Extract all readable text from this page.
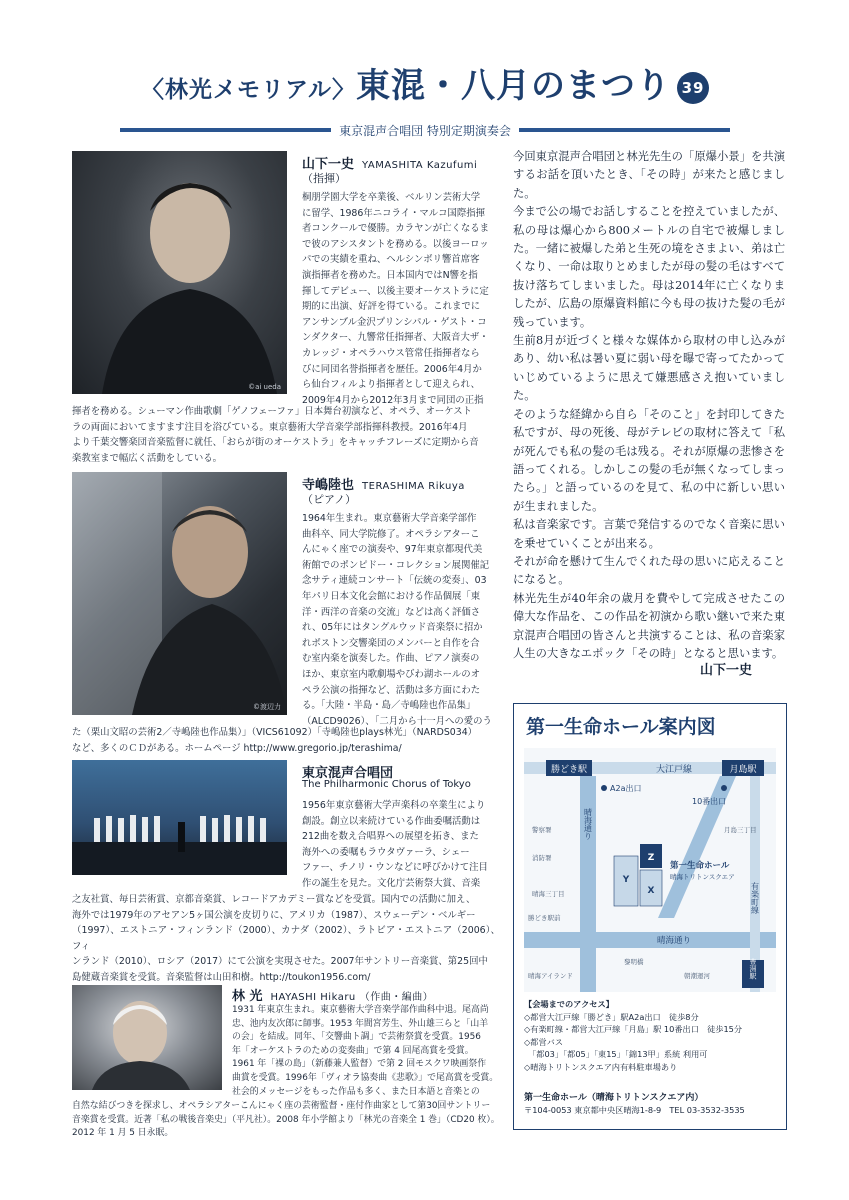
〈林光メモリアル〉東混・八月のまつり 39
東京混声合唱団 特別定期演奏会
©ai ueda
山下一史 YAMASHITA Kazufumi
（指揮）
桐朋学園大学を卒業後、ベルリン芸術大学
に留学、1986年ニコライ・マルコ国際指揮
者コンクールで優勝。カラヤンが亡くなるま
で彼のアシスタントを務める。以後ヨーロッ
パでの実績を重ね、ヘルシンボリ響首席客
演指揮者を務めた。日本国内ではN響を指
揮してデビュー、以後主要オーケストラに定
期的に出演、好評を得ている。これまでに
アンサンブル金沢プリンシパル・ゲスト・コ
ンダクター、九響常任指揮者、大阪音大ザ・
カレッジ・オペラハウス管常任指揮者なら
びに同団名誉指揮者を歴任。2006年4月か
ら仙台フィルより指揮者として迎えられ、
2009年4月から2012年3月まで同団の正指
揮者を務める。シューマン作曲歌劇「ゲノフェーファ」日本舞台初演など、オペラ、オーケスト
ラの両面においてますます注目を浴びている。東京藝術大学音楽学部指揮科教授。2016年4月
より千葉交響楽団音楽監督に就任、「おらが街のオーケストラ」をキャッチフレーズに定期から音
楽教室まで幅広く活動をしている。
©渡辺力
寺嶋陸也 TERASHIMA Rikuya
（ピアノ）
1964年生まれ。東京藝術大学音楽学部作
曲科卒、同大学院修了。オペラシアターこ
んにゃく座での演奏や、97年東京都現代美
術館でのポンピドー・コレクション展関催記
念サティ連続コンサート「伝統の変奏」、03
年パリ日本文化会館における作品個展「東
洋・西洋の音楽の交流」などは高く評価さ
れ、05年にはタングルウッド音楽祭に招か
れボストン交響楽団のメンバーと自作を合
む室内楽を演奏した。作曲、ピアノ演奏の
ほか、東京室内歌劇場やびわ湖ホールのオ
ペラ公演の指揮など、活動は多方面にわた
る。「大陸・半島・島／寺嶋陸也作品集」
（ALCD9026）、「二月から十一月への愛のう
た（栗山文昭の芸術2／寺嶋陸也作品集）」（VICS61092）「寺嶋陸也plays林光」（NARDS034）
など、多くのＣＤがある。ホームページ http://www.gregorio.jp/terashima/
東京混声合唱団
The Philharmonic Chorus of Tokyo
1956年東京藝術大学声楽科の卒業生により
創設。創立以来続けている作曲委嘱活動は
212曲を数え合唱界への展望を拓き、また
海外への委嘱もラウタヴァーラ、シェー
ファー、チノリ・ウンなどに呼びかけて注目
作の誕生を見た。文化庁芸術祭大賞、音楽
之友社賞、毎日芸術賞、京都音楽賞、レコードアカデミー賞などを受賞。国内での活動に加え、
海外では1979年のアセアン5ヶ国公演を皮切りに、アメリカ（1987）、スウェーデン・ベルギー
（1997）、エストニア・フィンランド（2000）、カナダ（2002）、ラトビア・エストニア（2006）、フィ
ンランド（2010）、ロシア（2017）にて公演を実現させた。2007年サントリー音楽賞、第25回中
島健蔵音楽賞を受賞。音楽監督は山田和樹。http://toukon1956.com/
林 光 HAYASHI Hikaru （作曲・編曲）
1931 年東京生まれ。東京藝術大学音楽学部作曲科中退。尾高尚
忠、池内友次郎に師事。1953 年間宮芳生、外山雄三らと「山羊
の会」を結成。同年、「交響曲ト調」で芸術祭賞を受賞。1956
年「オーケストラのための変奏曲」で第 4 回尾高賞を受賞。
1961 年「裸の島」（新藤兼人監督）で第 2 回モスクワ映画祭作
曲賞を受賞。1996年「ヴィオラ協奏曲《悲歌》」で尾高賞を受賞。
社会的メッセージをもった作品も多く、また日本語と音楽との
自然な結びつきを探求し、オペラシアターこんにゃく座の芸術監督・座付作曲家として第30回サントリー
音楽賞を受賞。近著「私の戦後音楽史」（平凡社）。2008 年小学館より「林光の音楽全 1 巻」（CD20 枚）。
2012 年 1 月 5 日永眠。

今回東京混声合唱団と林光先生の「原爆小景」を共演するお話を頂いたとき、「その時」が来たと感じました。

今まで公の場でお話しすることを控えていましたが、私の母は爆心から800メートルの自宅で被爆しました。一緒に被爆した弟と生死の境をさまよい、弟は亡くなり、一命は取りとめましたが母の髪の毛はすべて抜け落ちてしまいました。母は2014年に亡くなりましたが、広島の原爆資料館に今も母の抜けた髪の毛が残っています。

生前8月が近づくと様々な媒体から取材の申し込みがあり、幼い私は暑い夏に弱い母を曝で寄ってたかっていじめているように思えて嫌悪感さえ抱いていました。

そのような経緯から自ら「そのこと」を封印してきた私ですが、母の死後、母がテレビの取材に答えて「私が死んでも私の髪の毛は残る。それが原爆の悲惨さを語ってくれる。しかしこの髪の毛が無くなってしまったら。」と語っているのを見て、私の中に新しい思いが生まれました。

私は音楽家です。言葉で発信するのでなく音楽に思いを乗せていくことが出来る。

それが命を懸けて生んでくれた母の思いに応えることになると。

林光先生が40年余の歳月を費やして完成させたこの偉大な作品を、この作品を初演から歌い継いで来た東京混声合唱団の皆さんと共演することは、私の音楽家人生の大きなエポック「その時」となると思います。

山下一史
第一生命ホール案内図
勝どき駅	大江戸線	月島駅
晴海通り
晴海通り
有楽町線
豊洲駅
A2a出口
10番出口
Y
Z
X
第一生命ホール
晴海トリトンスクエア
警察署
消防署
晴海三丁目
勝どき駅前
月島三丁目
黎明橋
朝潮運河
晴海アイランド
【会場までのアクセス】
◇都営大江戸線「勝どき」駅A2a出口　徒歩8分
◇有楽町線・都営大江戸線「月島」駅 10番出口　徒歩15分
◇都営バス
　「都03」「都05」「東15」「錦13甲」系統 利用可
◇晴海トリトンスクエア内有料駐車場あり
第一生命ホール（晴海トリトンスクエア内）
〒104-0053 東京都中央区晴海1-8-9　TEL 03-3532-3535
